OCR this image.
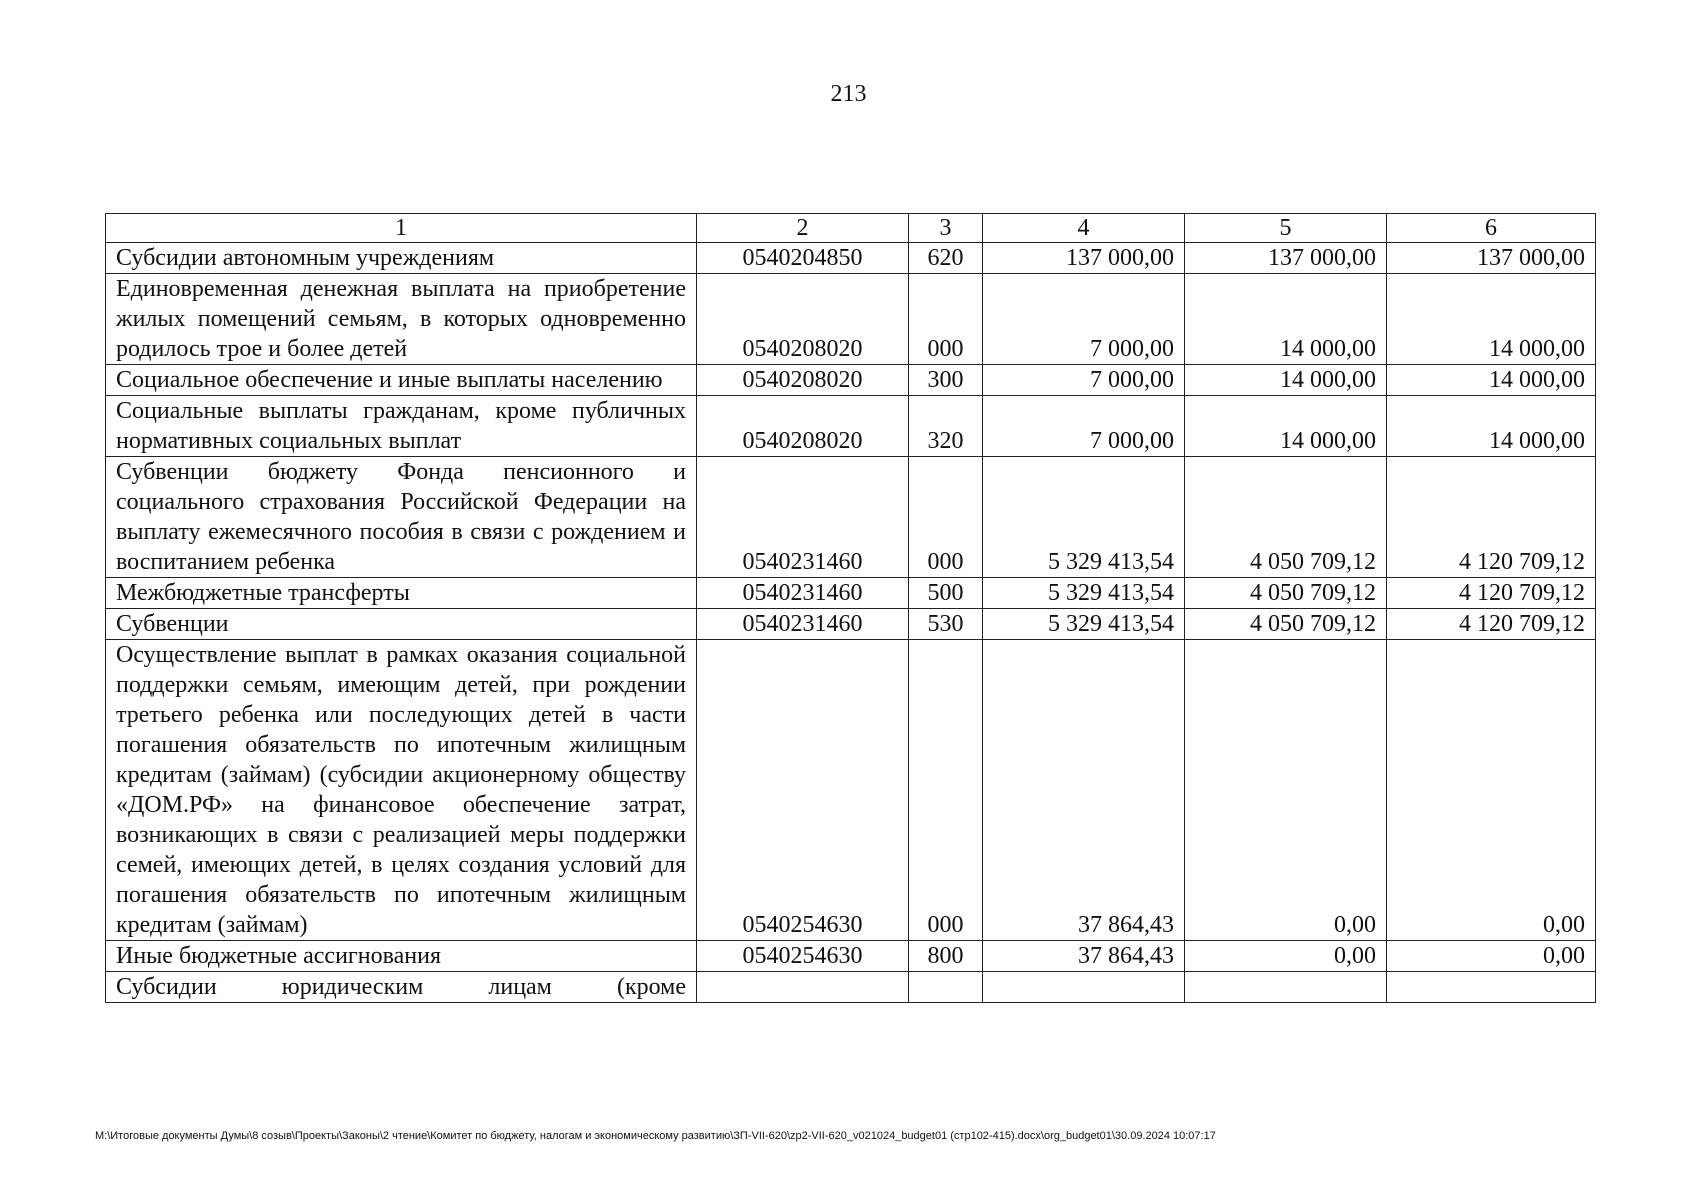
213
1	2	3	4	5	6
Субсидии автономным учреждениям	0540204850	620	137 000,00	137 000,00	137 000,00
Единовременная денежная выплата на приобретение жилых помещений семьям, в которых одновременно родилось трое и более детей	0540208020	000	7 000,00	14 000,00	14 000,00
Социальное обеспечение и иные выплаты населению	0540208020	300	7 000,00	14 000,00	14 000,00
Социальные выплаты гражданам, кроме публичных нормативных социальных выплат	0540208020	320	7 000,00	14 000,00	14 000,00
Субвенции бюджету Фонда пенсионного и социального страхования Российской Федерации на выплату ежемесячного пособия в связи с рождением и воспитанием ребенка	0540231460	000	5 329 413,54	4 050 709,12	4 120 709,12
Межбюджетные трансферты	0540231460	500	5 329 413,54	4 050 709,12	4 120 709,12
Субвенции	0540231460	530	5 329 413,54	4 050 709,12	4 120 709,12
Осуществление выплат в рамках оказания социальной поддержки семьям, имеющим детей, при рождении третьего ребенка или последующих детей в части погашения обязательств по ипотечным жилищным кредитам (займам) (субсидии акционерному обществу «ДОМ.РФ» на финансовое обеспечение затрат, возникающих в связи с реализацией меры поддержки семей, имеющих детей, в целях создания условий для погашения обязательств по ипотечным жилищным кредитам (займам)	0540254630	000	37 864,43	0,00	0,00
Иные бюджетные ассигнования	0540254630	800	37 864,43	0,00	0,00
Субсидии юридическим лицам (кроме					
M:\Итоговые документы Думы\8 созыв\Проекты\Законы\2 чтение\Комитет по бюджету, налогам и экономическому развитию\ЗП-VII-620\zp2-VII-620_v021024_budget01 (стр102-415).docx\org_budget01\30.09.2024 10:07:17
